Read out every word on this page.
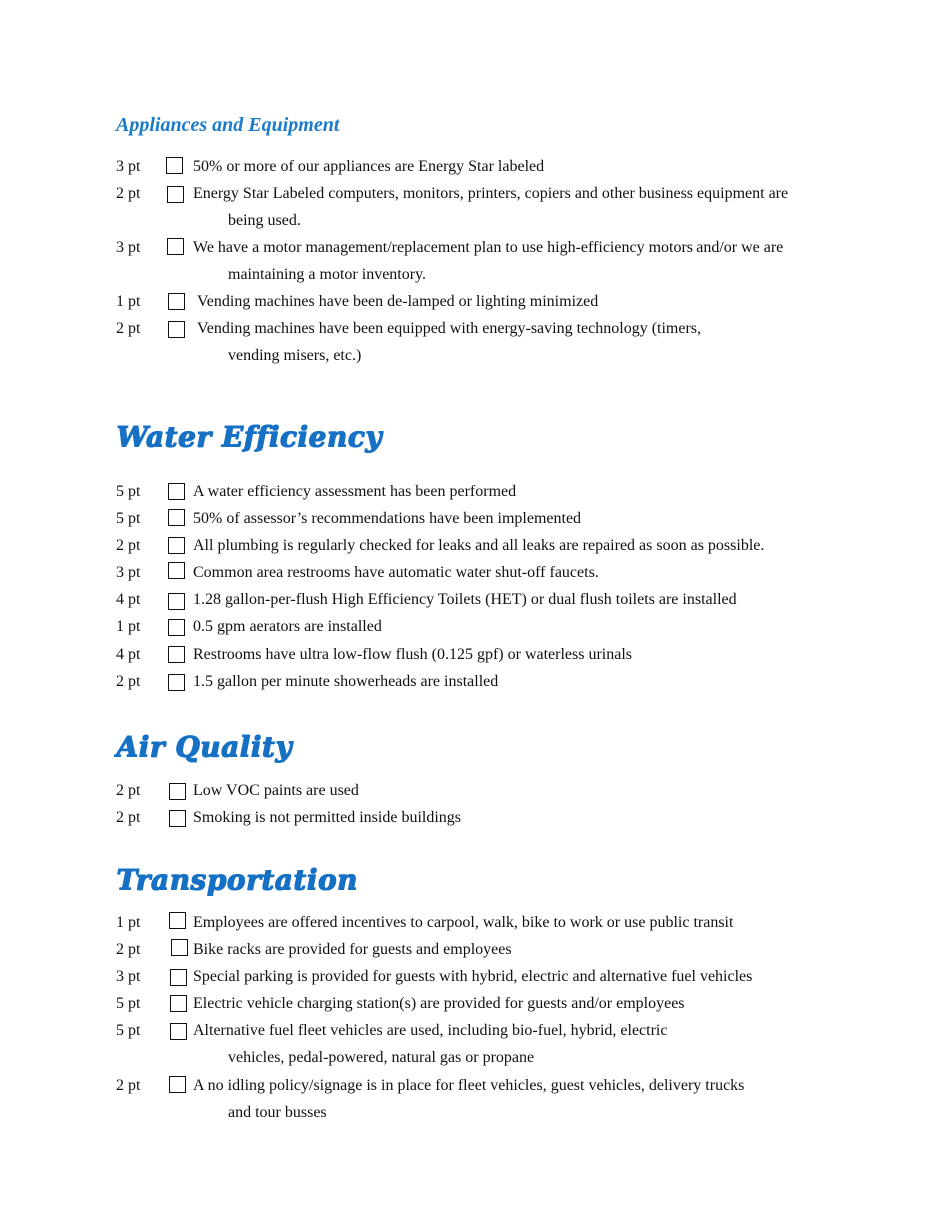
Appliances and Equipment
3 pt	50% or more of our appliances are Energy Star labeled
2 pt	Energy Star Labeled computers, monitors, printers, copiers and other business equipment are
being used.
3 pt	We have a motor management/replacement plan to use high-efficiency motors and/or we are
maintaining a motor inventory.
1 pt	Vending machines have been de-lamped or lighting minimized
2 pt	Vending machines have been equipped with energy-saving technology (timers,
vending misers, etc.)
Water Efficiency
5 pt	A water efficiency assessment has been performed
5 pt	50% of assessor’s recommendations have been implemented
2 pt	All plumbing is regularly checked for leaks and all leaks are repaired as soon as possible.
3 pt	Common area restrooms have automatic water shut-off faucets.
4 pt	1.28 gallon-per-flush High Efficiency Toilets (HET) or dual flush toilets are installed
1 pt	0.5 gpm aerators are installed
4 pt	Restrooms have ultra low-flow flush (0.125 gpf) or waterless urinals
2 pt	1.5 gallon per minute showerheads are installed
Air Quality
2 pt	Low VOC paints are used
2 pt	Smoking is not permitted inside buildings
Transportation
1 pt	Employees are offered incentives to carpool, walk, bike to work or use public transit
2 pt	Bike racks are provided for guests and employees
3 pt	Special parking is provided for guests with hybrid, electric and alternative fuel vehicles
5 pt	Electric vehicle charging station(s) are provided for guests and/or employees
5 pt	Alternative fuel fleet vehicles are used, including bio-fuel, hybrid, electric
vehicles, pedal-powered, natural gas or propane
2 pt	A no idling policy/signage is in place for fleet vehicles, guest vehicles, delivery trucks
and tour busses
